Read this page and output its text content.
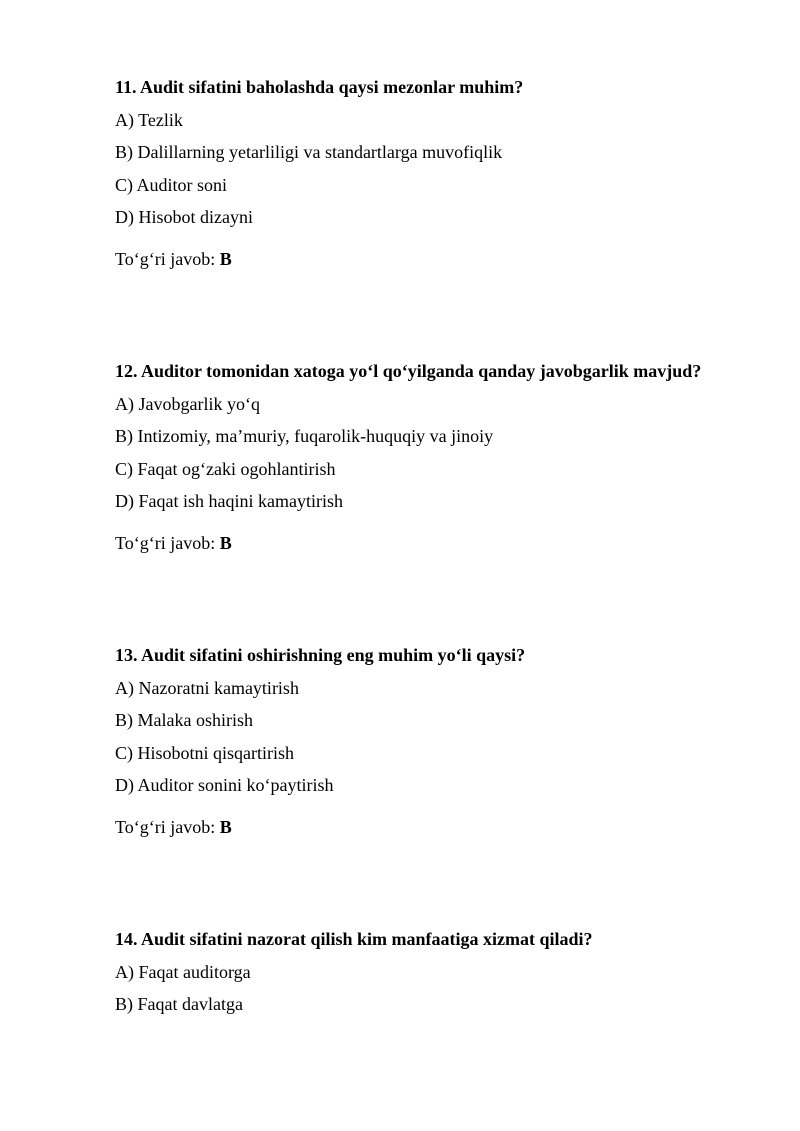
11. Audit sifatini baholashda qaysi mezonlar muhim?
A) Tezlik
B) Dalillarning yetarliligi va standartlarga muvofiqlik
C) Auditor soni
D) Hisobot dizayni
To‘g‘ri javob: B
12. Auditor tomonidan xatoga yo‘l qo‘yilganda qanday javobgarlik mavjud?
A) Javobgarlik yo‘q
B) Intizomiy, ma’muriy, fuqarolik-huquqiy va jinoiy
C) Faqat og‘zaki ogohlantirish
D) Faqat ish haqini kamaytirish
To‘g‘ri javob: B
13. Audit sifatini oshirishning eng muhim yo‘li qaysi?
A) Nazoratni kamaytirish
B) Malaka oshirish
C) Hisobotni qisqartirish
D) Auditor sonini ko‘paytirish
To‘g‘ri javob: B
14. Audit sifatini nazorat qilish kim manfaatiga xizmat qiladi?
A) Faqat auditorga
B) Faqat davlatga
